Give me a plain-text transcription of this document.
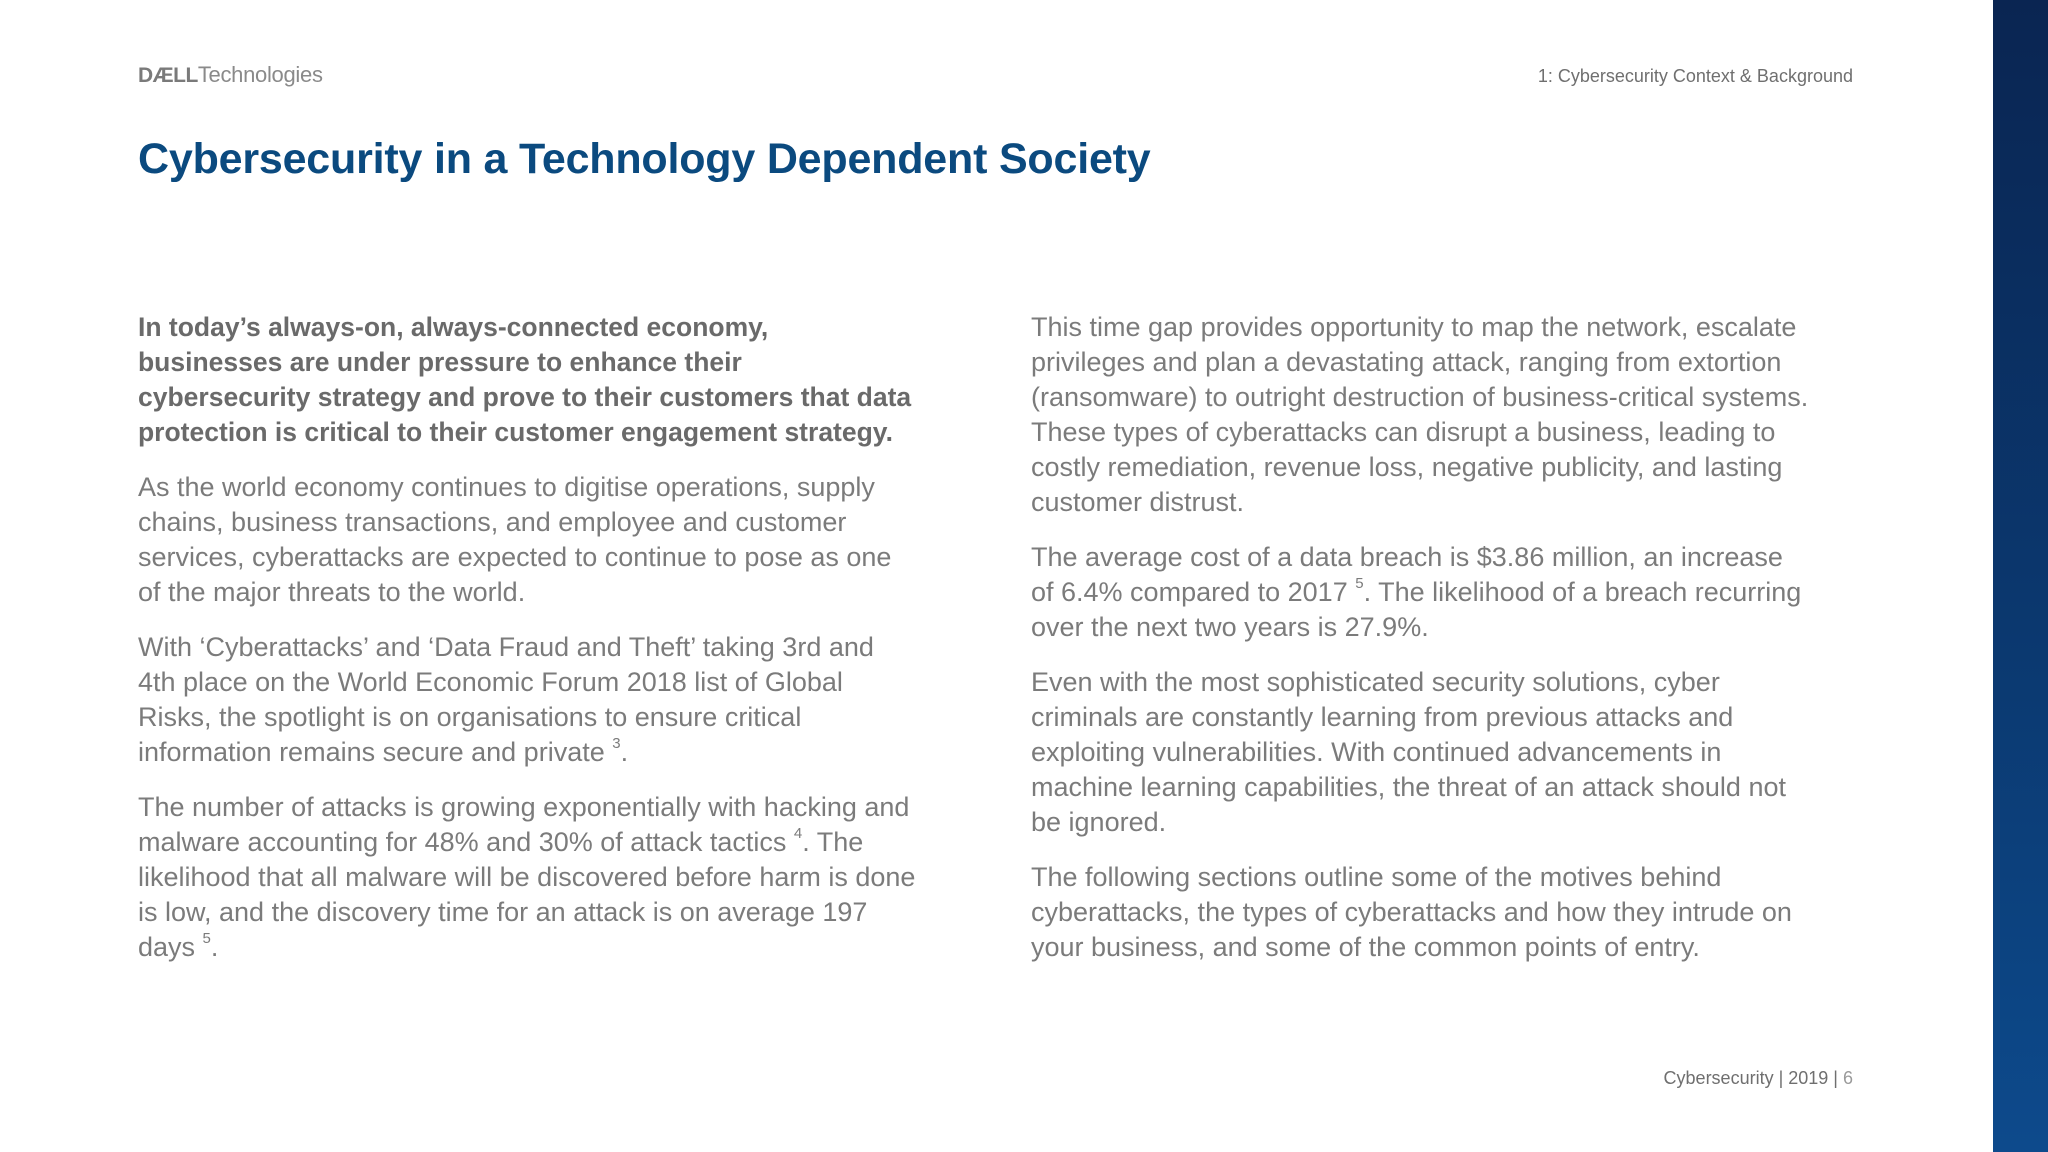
DÆLL Technologies	1: Cybersecurity Context & Background
Cybersecurity in a Technology Dependent Society

In today’s always-on, always-connected economy, businesses are under pressure to enhance their cybersecurity strategy and prove to their customers that data protection is critical to their customer engagement strategy.

As the world economy continues to digitise operations, supply chains, business transactions, and employee and customer services, cyberattacks are expected to continue to pose as one of the major threats to the world.

With ‘Cyberattacks’ and ‘Data Fraud and Theft’ taking 3rd and 4th place on the World Economic Forum 2018 list of Global Risks, the spotlight is on organisations to ensure critical information remains secure and private $^3$.

The number of attacks is growing exponentially with hacking and malware accounting for 48% and 30% of attack tactics $^4$. The likelihood that all malware will be discovered before harm is done is low, and the discovery time for an attack is on average 197 days $^5$.

This time gap provides opportunity to map the network, escalate privileges and plan a devastating attack, ranging from extortion (ransomware) to outright destruction of business-critical systems. These types of cyberattacks can disrupt a business, leading to costly remediation, revenue loss, negative publicity, and lasting customer distrust.

The average cost of a data breach is $3.86 million, an increase of 6.4% compared to 2017 $^5$. The likelihood of a breach recurring over the next two years is 27.9%.

Even with the most sophisticated security solutions, cyber criminals are constantly learning from previous attacks and exploiting vulnerabilities. With continued advancements in machine learning capabilities, the threat of an attack should not be ignored.

The following sections outline some of the motives behind cyberattacks, the types of cyberattacks and how they intrude on your business, and some of the common points of entry.

Cybersecurity | 2019 | 6
